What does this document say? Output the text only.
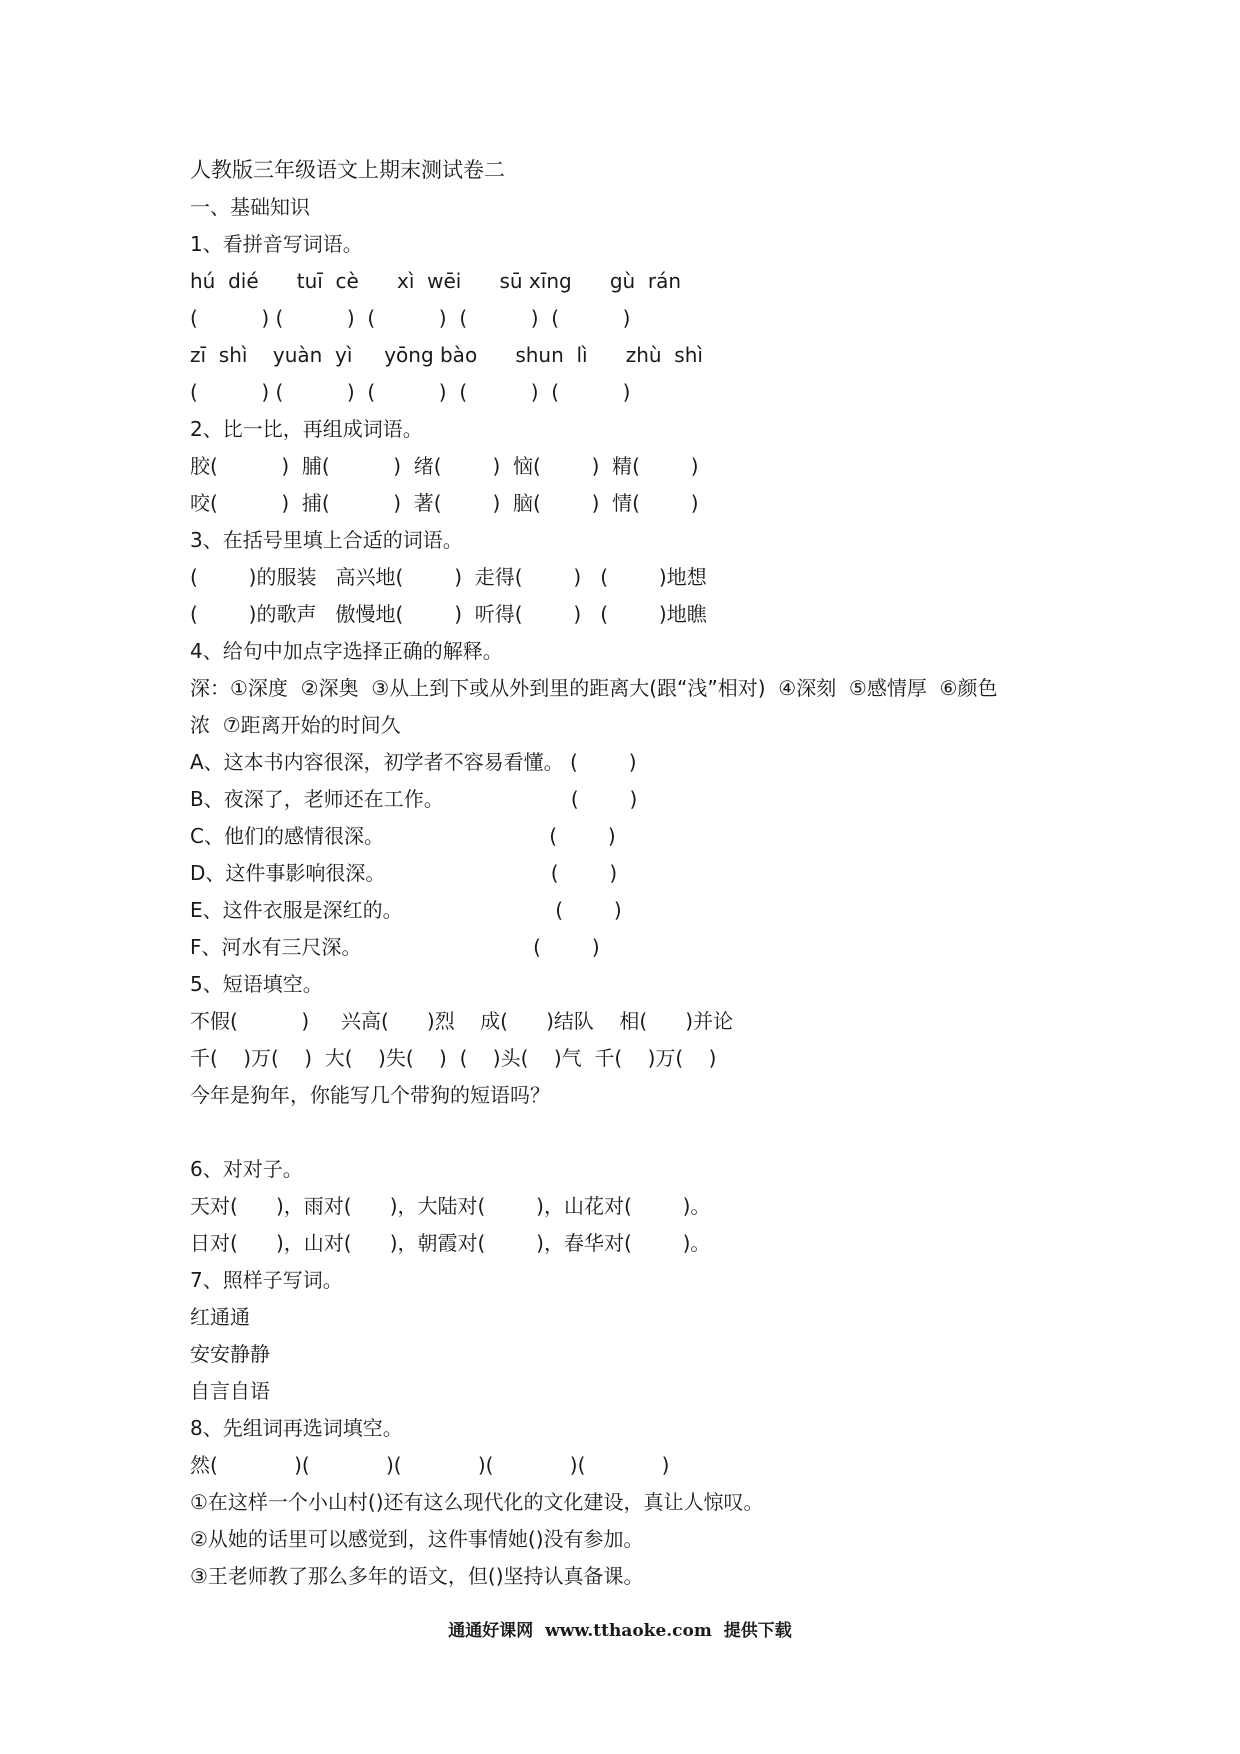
人教版三年级语文上期末测试卷二
一、基础知识
1、看拼音写词语。
hú  dié      tuī  cè      xì  wēi      sū xīng      gù  rán
(          ) (          )  (          )  (          )  (          )
zī  shì    yuàn  yì     yōng bào      shun  lì      zhù  shì
(          ) (          )  (          )  (          )  (          )
2、比一比，再组成词语。
胶(          )  脯(          )  绪(        )  恼(        )  精(        )
咬(          )  捕(          )  著(        )  脑(        )  情(        )
3、在括号里填上合适的词语。
(        )的服装   高兴地(        )  走得(        )   (        )地想
(        )的歌声   傲慢地(        )  听得(        )   (        )地瞧
4、给句中加点字选择正确的解释。
深：①深度  ②深奥  ③从上到下或从外到里的距离大(跟“浅”相对)  ④深刻  ⑤感情厚  ⑥颜色
浓  ⑦距离开始的时间久
A、这本书内容很深，初学者不容易看懂。 (        )
B、夜深了，老师还在工作。                    (        )
C、他们的感情很深。                          (        )
D、这件事影响很深。                          (        )
E、这件衣服是深红的。                        (        )
F、河水有三尺深。                           (        )
5、短语填空。
不假(          )     兴高(      )烈    成(      )结队    相(      )并论
千(    )万(    )  大(    )失(    )  (    )头(    )气  千(    )万(    )
今年是狗年，你能写几个带狗的短语吗？
6、对对子。
天对(      )，雨对(      )，大陆对(        )，山花对(        )。
日对(      )，山对(      )，朝霞对(        )，春华对(        )。
7、照样子写词。
红通通
安安静静
自言自语
8、先组词再选词填空。
然(            )(            )(            )(            )(            )
①在这样一个小山村()还有这么现代化的文化建设，真让人惊叹。
②从她的话里可以感觉到，这件事情她()没有参加。
③王老师教了那么多年的语文，但()坚持认真备课。
通通好课网  www.tthaoke.com  提供下载
